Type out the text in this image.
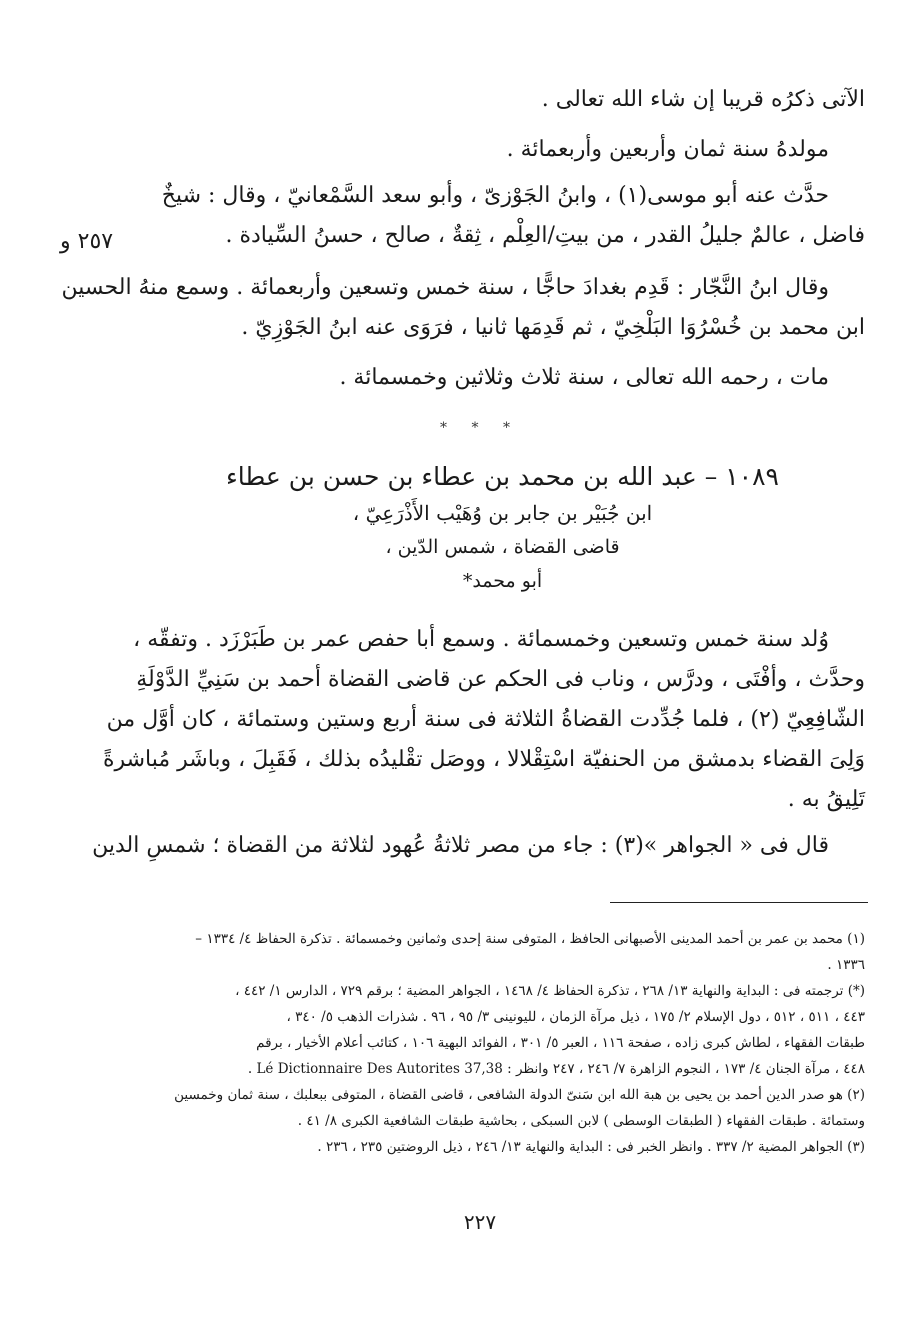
الآتى ذكرُه قريبا إن شاء الله تعالى .
مولدهُ سنة ثمان وأربعين وأربعمائة .
حدَّث عنه أبو موسى(١) ، وابنُ الجَوْزىّ ، وأبو سعد السَّمْعانيّ ، وقال : شيخٌ
فاضل ، عالمٌ جليلُ القدر ، من بيتِ/العِلْم ، ثِقةٌ ، صالح ، حسنُ السِّيادة .
وقال ابنُ النَّجّار : قَدِم بغدادَ حاجًّا ، سنة خمس وتسعين وأربعمائة . وسمع منهُ الحسين
ابن محمد بن خُسْرُوَا البَلْخِيّ ، ثم قَدِمَها ثانيا ، فرَوَى عنه ابنُ الجَوْزِيّ .
مات ، رحمه الله تعالى ، سنة ثلاث وثلاثين وخمسمائة .
٢٥٧ و
* * *
١٠٨٩ – عبد الله بن محمد بن عطاء بن حسن بن عطاء
ابن جُبَيْر بن جابر بن وُهَيْب الأَذْرَعِيّ ،
قاضى القضاة ، شمس الدّين ،
أبو محمد*
وُلد سنة خمس وتسعين وخمسمائة . وسمع أبا حفص عمر بن طَبَرْزَد . وتفقّه ،
وحدَّث ، وأفْتَى ، ودرَّس ، وناب فى الحكم عن قاضى القضاة أحمد بن سَنِيِّ الدَّوْلَةِ
الشّافِعِيّ (٢) ، فلما جُدِّدت القضاةُ الثلاثة فى سنة أربع وستين وستمائة ، كان أوَّل من
وَلِىَ القضاء بدمشق من الحنفيّة اسْتِقْلالا ، ووصَل تقْليدُه بذلك ، فَقَبِلَ ، وباشَر مُباشرةً
تَلِيقُ به .
قال فى « الجواهر »(٣) : جاء من مصر ثلاثةُ عُهود لثلاثة من القضاة ؛ شمسِ الدين
(١) محمد بن عمر بن أحمد المدينى الأصبهانى الحافظ ، المتوفى سنة إحدى وثمانين وخمسمائة . تذكرة الحفاظ ٤/ ١٣٣٤ –
١٣٣٦ .
(*) ترجمته فى : البداية والنهاية ١٣/ ٢٦٨ ، تذكرة الحفاظ ٤/ ١٤٦٨ ، الجواهر المضية ؛ برقم ٧٢٩ ، الدارس ١/ ٤٤٢ ،
٤٤٣ ، ٥١١ ، ٥١٢ ، دول الإسلام ٢/ ١٧٥ ، ذيل مرآة الزمان ، لليونينى ٣/ ٩٥ ، ٩٦ . شذرات الذهب ٥/ ٣٤٠ ،
طبقات الفقهاء ، لطاش كبرى زاده ، صفحة ١١٦ ، العبر ٥/ ٣٠١ ، الفوائد البهية ١٠٦ ، كتائب أعلام الأخيار ، برقم
٤٤٨ ، مرآة الجنان ٤/ ١٧٣ ، النجوم الزاهرة ٧/ ٢٤٦ ، ٢٤٧ وانظر : Lé Dictionnaire Des Autorites 37,38 .
(٢) هو صدر الدين أحمد بن يحيى بن هبة الله ابن سَنىّ الدولة الشافعى ، قاضى القضاة ، المتوفى ببعلبك ، سنة ثمان وخمسين
وستمائة . طبقات الفقهاء ( الطبقات الوسطى ) لابن السبكى ، بحاشية طبقات الشافعية الكبرى ٨/ ٤١ .
(٣) الجواهر المضية ٢/ ٣٣٧ . وانظر الخبر فى : البداية والنهاية ١٣/ ٢٤٦ ، ذيل الروضتين ٢٣٥ ، ٢٣٦ .
٢٢٧
